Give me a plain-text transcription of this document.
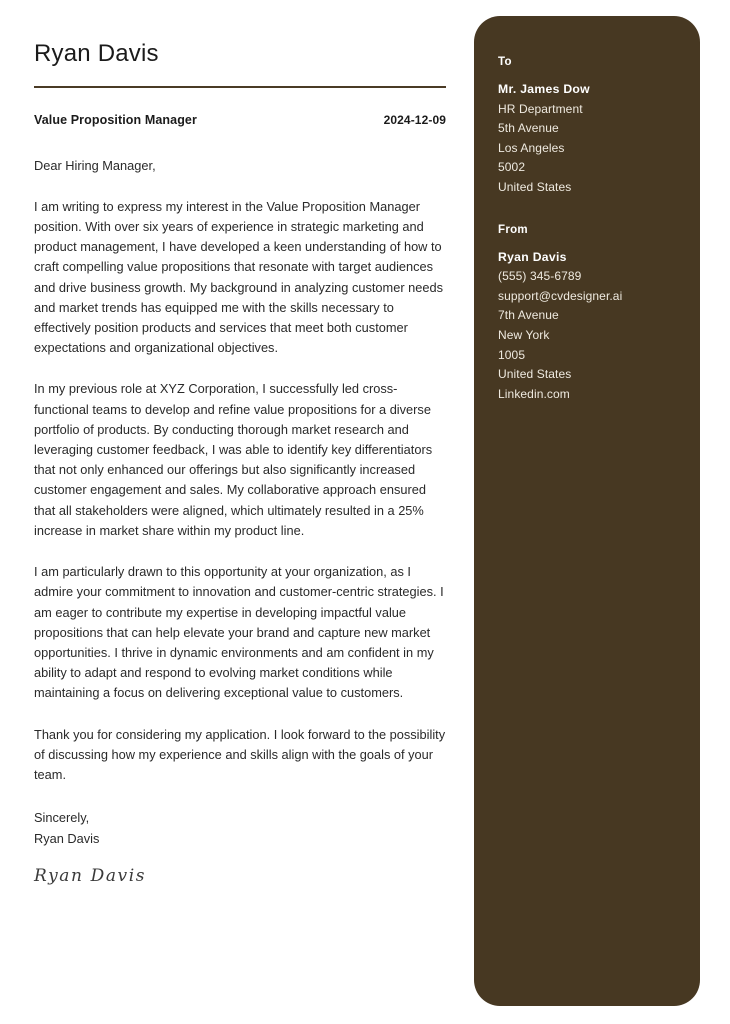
Ryan Davis
Value Proposition Manager	2024-12-09
Dear Hiring Manager,
I am writing to express my interest in the Value Proposition Manager position. With over six years of experience in strategic marketing and product management, I have developed a keen understanding of how to craft compelling value propositions that resonate with target audiences and drive business growth. My background in analyzing customer needs and market trends has equipped me with the skills necessary to effectively position products and services that meet both customer expectations and organizational objectives.
In my previous role at XYZ Corporation, I successfully led cross-functional teams to develop and refine value propositions for a diverse portfolio of products. By conducting thorough market research and leveraging customer feedback, I was able to identify key differentiators that not only enhanced our offerings but also significantly increased customer engagement and sales. My collaborative approach ensured that all stakeholders were aligned, which ultimately resulted in a 25% increase in market share within my product line.
I am particularly drawn to this opportunity at your organization, as I admire your commitment to innovation and customer-centric strategies. I am eager to contribute my expertise in developing impactful value propositions that can help elevate your brand and capture new market opportunities. I thrive in dynamic environments and am confident in my ability to adapt and respond to evolving market conditions while maintaining a focus on delivering exceptional value to customers.
Thank you for considering my application. I look forward to the possibility of discussing how my experience and skills align with the goals of your team.
Sincerely,
Ryan Davis
Ryan Davis
To
Mr. James Dow
HR Department
5th Avenue
Los Angeles
5002
United States
From
Ryan Davis
(555) 345-6789
support@cvdesigner.ai
7th Avenue
New York
1005
United States
Linkedin.com
